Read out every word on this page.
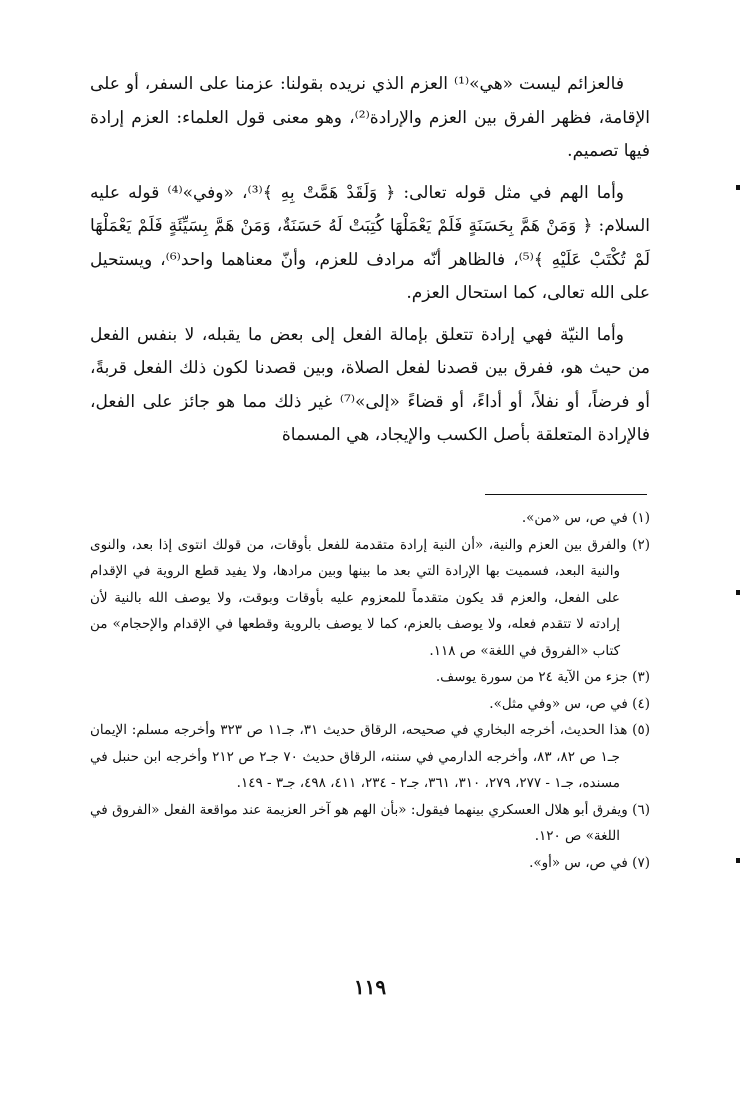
فالعزائم ليست «هي»⁽¹⁾ العزم الذي نريده بقولنا: عزمنا على السفر، أو على الإقامة، فظهر الفرق بين العزم والإرادة⁽²⁾، وهو معنى قول العلماء: العزم إرادة فيها تصميم.

وأما الهم في مثل قوله تعالى: ﴿ وَلَقَدْ هَمَّتْ بِهِ ﴾⁽³⁾، «وفي»⁽⁴⁾ قوله عليه السلام: ﴿ وَمَنْ هَمَّ بِحَسَنَةٍ فَلَمْ يَعْمَلْهَا كُتِبَتْ لَهُ حَسَنَةٌ، وَمَنْ هَمَّ بِسَيِّئَةٍ فَلَمْ يَعْمَلْهَا لَمْ تُكْتَبْ عَلَيْهِ ﴾⁽⁵⁾، فالظاهر أنّه مرادف للعزم، وأنّ معناهما واحد⁽⁶⁾، ويستحيل على الله تعالى، كما استحال العزم.

وأما النيّة فهي إرادة تتعلق بإمالة الفعل إلى بعض ما يقبله، لا بنفس الفعل من حيث هو، ففرق بين قصدنا لفعل الصلاة، وبين قصدنا لكون ذلك الفعل قربةً، أو فرضاً، أو نفلاً، أو أداءً، أو قضاءً «إلى»⁽⁷⁾ غير ذلك مما هو جائز على الفعل، فالإرادة المتعلقة بأصل الكسب والإيجاد، هي المسماة

(١) في ص، س «من».

(٢) والفرق بين العزم والنية، «أن النية إرادة متقدمة للفعل بأوقات، من قولك انتوى إذا بعد، والنوى والنية البعد، فسميت بها الإرادة التي بعد ما بينها وبين مرادها، ولا يفيد قطع الروية في الإقدام على الفعل، والعزم قد يكون متقدماً للمعزوم عليه بأوقات وبوقت، ولا يوصف الله بالنية لأن إرادته لا تتقدم فعله، ولا يوصف بالعزم، كما لا يوصف بالروية وقطعها في الإقدام والإحجام» من كتاب «الفروق في اللغة» ص ١١٨.

(٣) جزء من الآية ٢٤ من سورة يوسف.

(٤) في ص، س «وفي مثل».

(٥) هذا الحديث، أخرجه البخاري في صحيحه، الرقاق حديث ٣١، جـ١١ ص ٣٢٣ وأخرجه مسلم: الإيمان جـ١ ص ٨٢، ٨٣، وأخرجه الدارمي في سننه، الرقاق حديث ٧٠ جـ٢ ص ٢١٢ وأخرجه ابن حنبل في مسنده، جـ١ - ٢٧٧، ٢٧٩، ٣١٠، ٣٦١، جـ٢ - ٢٣٤، ٤١١، ٤٩٨، جـ٣ - ١٤٩.

(٦) ويفرق أبو هلال العسكري بينهما فيقول: «بأن الهم هو آخر العزيمة عند مواقعة الفعل «الفروق في اللغة» ص ١٢٠.

(٧) في ص، س «أو».

١١٩
